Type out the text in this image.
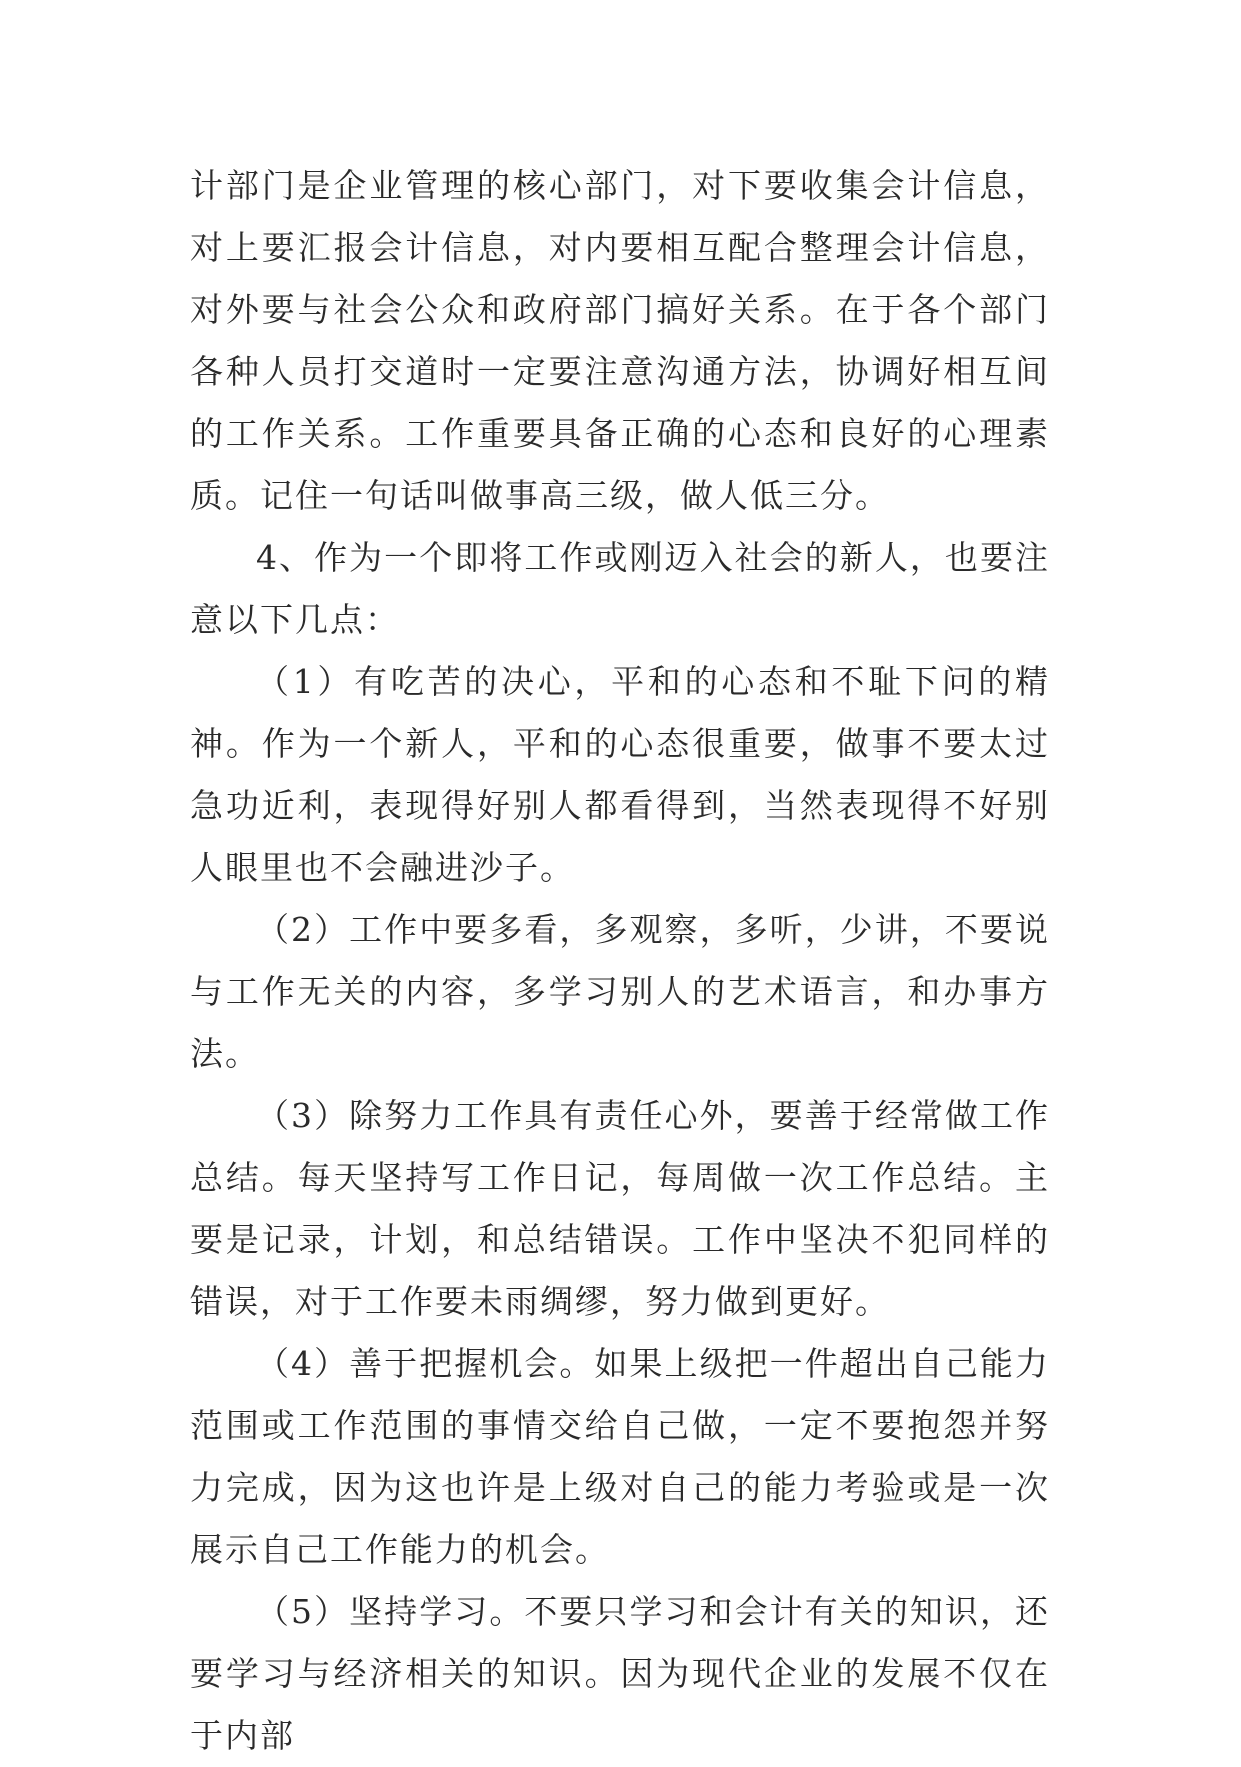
计部门是企业管理的核心部门，对下要收集会计信息，对上要汇报会计信息，对内要相互配合整理会计信息，对外要与社会公众和政府部门搞好关系。在于各个部门各种人员打交道时一定要注意沟通方法，协调好相互间的工作关系。工作重要具备正确的心态和良好的心理素质。记住一句话叫做事高三级，做人低三分。

4、作为一个即将工作或刚迈入社会的新人，也要注意以下几点：

（1）有吃苦的决心，平和的心态和不耻下问的精神。作为一个新人，平和的心态很重要，做事不要太过急功近利，表现得好别人都看得到，当然表现得不好别人眼里也不会融进沙子。

（2）工作中要多看，多观察，多听，少讲，不要说与工作无关的内容，多学习别人的艺术语言，和办事方法。

（3）除努力工作具有责任心外，要善于经常做工作总结。每天坚持写工作日记，每周做一次工作总结。主要是记录，计划，和总结错误。工作中坚决不犯同样的错误，对于工作要未雨绸缪，努力做到更好。

（4）善于把握机会。如果上级把一件超出自己能力范围或工作范围的事情交给自己做，一定不要抱怨并努力完成，因为这也许是上级对自己的能力考验或是一次展示自己工作能力的机会。

（5）坚持学习。不要只学习和会计有关的知识，还要学习与经济相关的知识。因为现代企业的发展不仅在于内部
